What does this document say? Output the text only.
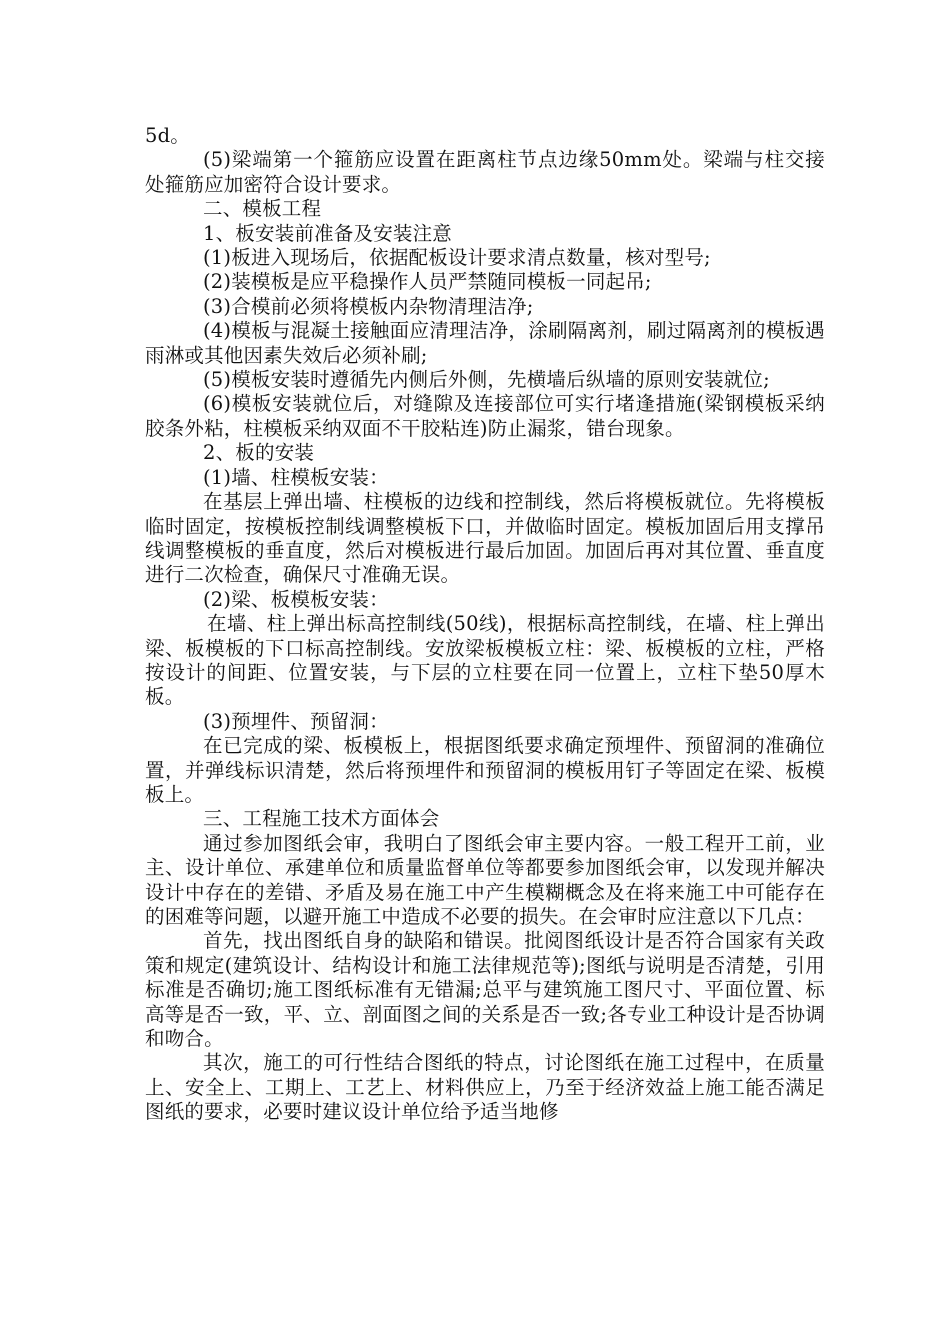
5d。

(5)梁端第一个箍筋应设置在距离柱节点边缘50mm处。梁端与柱交接处箍筋应加密符合设计要求。

二、模板工程

1、板安装前准备及安装注意

(1)板进入现场后，依据配板设计要求清点数量，核对型号;

(2)装模板是应平稳操作人员严禁随同模板一同起吊;

(3)合模前必须将模板内杂物清理洁净;

(4)模板与混凝土接触面应清理洁净，涂刷隔离剂，刷过隔离剂的模板遇雨淋或其他因素失效后必须补刷;

(5)模板安装时遵循先内侧后外侧，先横墙后纵墙的原则安装就位;

(6)模板安装就位后，对缝隙及连接部位可实行堵逢措施(梁钢模板采纳胶条外粘，柱模板采纳双面不干胶粘连)防止漏浆，错台现象。

2、板的安装

(1)墙、柱模板安装：

在基层上弹出墙、柱模板的边线和控制线，然后将模板就位。先将模板临时固定，按模板控制线调整模板下口，并做临时固定。模板加固后用支撑吊线调整模板的垂直度，然后对模板进行最后加固。加固后再对其位置、垂直度进行二次检查，确保尺寸准确无误。

(2)梁、板模板安装：

在墙、柱上弹出标高控制线(50线)，根据标高控制线，在墙、柱上弹出梁、板模板的下口标高控制线。安放梁板模板立柱：梁、板模板的立柱，严格按设计的间距、位置安装，与下层的立柱要在同一位置上，立柱下垫50厚木板。

(3)预埋件、预留洞：

在已完成的梁、板模板上，根据图纸要求确定预埋件、预留洞的准确位置，并弹线标识清楚，然后将预埋件和预留洞的模板用钉子等固定在梁、板模板上。

三、工程施工技术方面体会

通过参加图纸会审，我明白了图纸会审主要内容。一般工程开工前，业主、设计单位、承建单位和质量监督单位等都要参加图纸会审，以发现并解决设计中存在的差错、矛盾及易在施工中产生模糊概念及在将来施工中可能存在的困难等问题，以避开施工中造成不必要的损失。在会审时应注意以下几点：

首先，找出图纸自身的缺陷和错误。批阅图纸设计是否符合国家有关政策和规定(建筑设计、结构设计和施工法律规范等);图纸与说明是否清楚，引用标准是否确切;施工图纸标准有无错漏;总平与建筑施工图尺寸、平面位置、标高等是否一致，平、立、剖面图之间的关系是否一致;各专业工种设计是否协调和吻合。

其次，施工的可行性结合图纸的特点，讨论图纸在施工过程中，在质量上、安全上、工期上、工艺上、材料供应上，乃至于经济效益上施工能否满足图纸的要求，必要时建议设计单位给予适当地修
